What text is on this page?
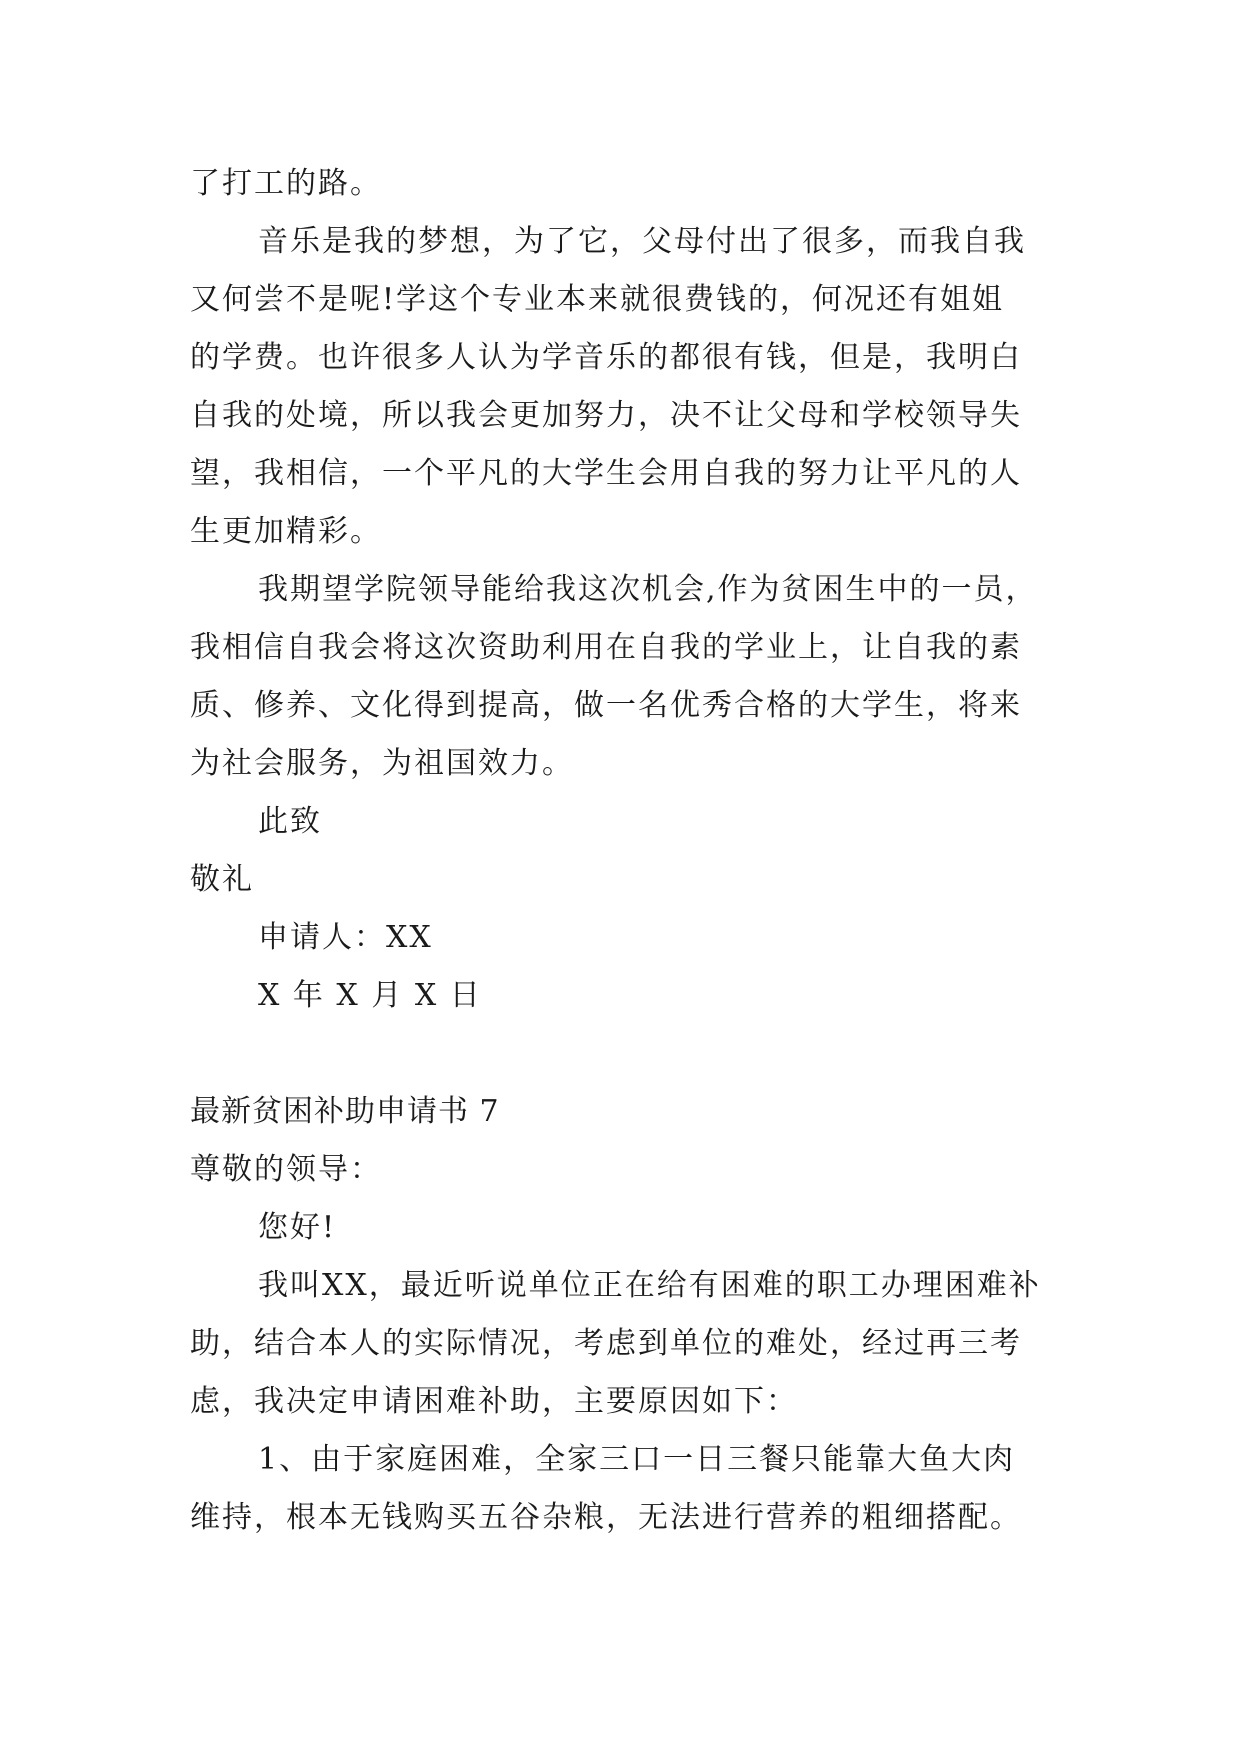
了打工的路。
音乐是我的梦想，为了它，父母付出了很多，而我自我
又何尝不是呢!学这个专业本来就很费钱的，何况还有姐姐
的学费。也许很多人认为学音乐的都很有钱，但是，我明白
自我的处境，所以我会更加努力，决不让父母和学校领导失
望，我相信，一个平凡的大学生会用自我的努力让平凡的人
生更加精彩。
我期望学院领导能给我这次机会,作为贫困生中的一员，
我相信自我会将这次资助利用在自我的学业上，让自我的素
质、修养、文化得到提高，做一名优秀合格的大学生，将来
为社会服务，为祖国效力。
此致
敬礼
申请人：XX
X 年 X 月 X 日
最新贫困补助申请书 7
尊敬的领导：
您好!
我叫XX，最近听说单位正在给有困难的职工办理困难补
助，结合本人的实际情况，考虑到单位的难处，经过再三考
虑，我决定申请困难补助，主要原因如下：
1、由于家庭困难，全家三口一日三餐只能靠大鱼大肉
维持，根本无钱购买五谷杂粮，无法进行营养的粗细搭配。
